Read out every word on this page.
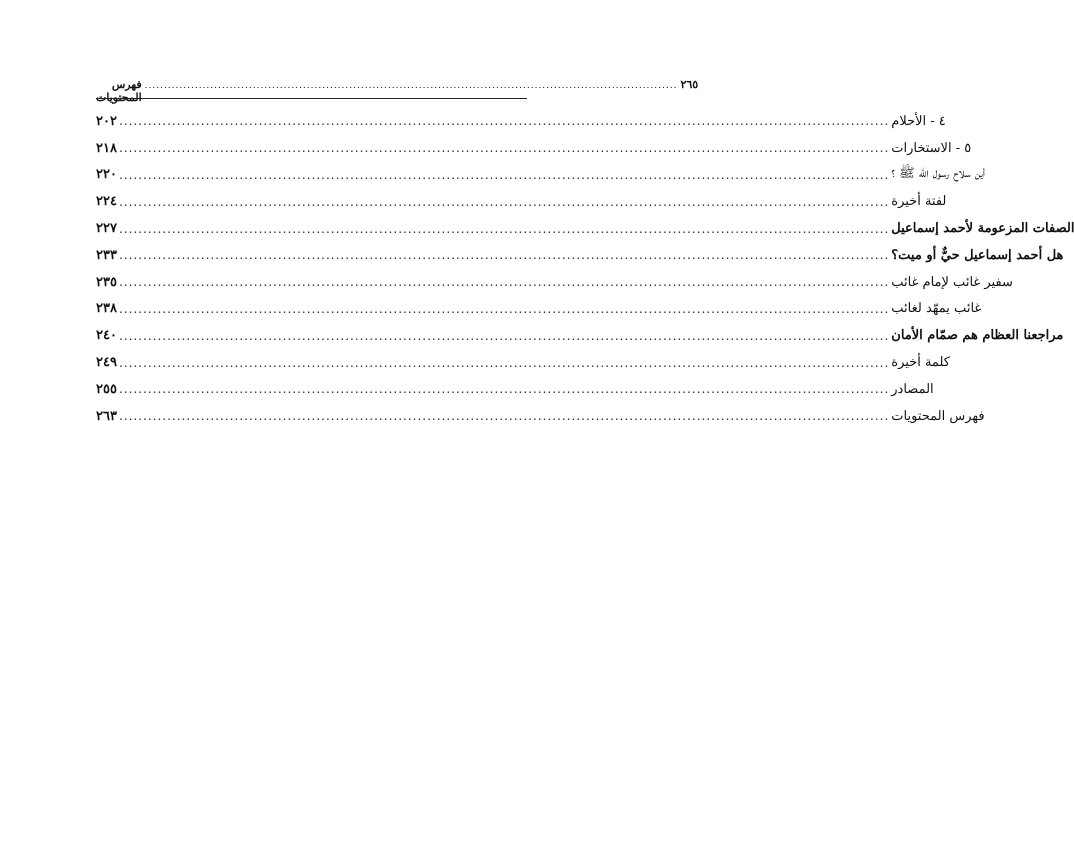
فهرس المحتويات
.......................................................................................................................................... ٢٦٥
٢٠٢ ................................................................................................................................................................ ٤ - الأحلام
٢١٨ ................................................................................................................................................................ ٥ - الاستخارات
٢٢٠ ................................................................................................................................................................ أين سلاح رسول الله ﷺ ؟
٢٢٤ ................................................................................................................................................................ لفتة أخيرة
٢٢٧ ................................................................................................................................................................ الصفات المزعومة لأحمد إسماعيل
٢٣٣ ................................................................................................................................................................ هل أحمد إسماعيل حيٌّ أو ميت؟
٢٣٥ ................................................................................................................................................................ سفير غائب لإمام غائب
٢٣٨ ................................................................................................................................................................ غائب يمهّد لغائب
٢٤٠ ................................................................................................................................................................ مراجعنا العظام هم صمّام الأمان
٢٤٩ ................................................................................................................................................................ كلمة أخيرة
٢٥٥ ................................................................................................................................................................ المصادر
٢٦٣ ................................................................................................................................................................ فهرس المحتويات
